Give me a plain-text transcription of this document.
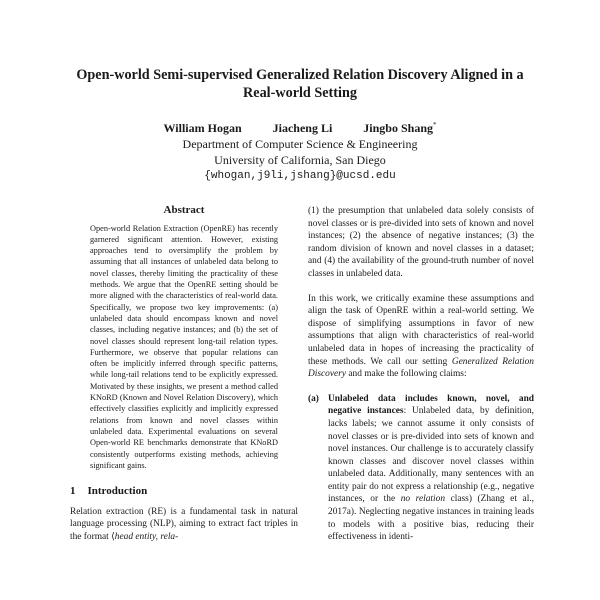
Open-world Semi-supervised Generalized Relation Discovery Aligned in a
Real-world Setting
William Hogan	Jiacheng Li	Jingbo Shang*
Department of Computer Science & Engineering
University of California, San Diego
{whogan,j9li,jshang}@ucsd.edu
Abstract

Open-world Relation Extraction (OpenRE) has recently garnered significant attention. However, existing approaches tend to oversimplify the problem by assuming that all instances of unlabeled data belong to novel classes, thereby limiting the practicality of these methods. We argue that the OpenRE setting should be more aligned with the characteristics of real-world data. Specifically, we propose two key improvements: (a) unlabeled data should encompass known and novel classes, including negative instances; and (b) the set of novel classes should represent long-tail relation types. Furthermore, we observe that popular relations can often be implicitly inferred through specific patterns, while long-tail relations tend to be explicitly expressed. Motivated by these insights, we present a method called KNoRD (Known and Novel Relation Discovery), which effectively classifies explicitly and implicitly expressed relations from known and novel classes within unlabeled data. Experimental evaluations on several Open-world RE benchmarks demonstrate that KNoRD consistently outperforms existing methods, achieving significant gains.

1 Introduction

Relation extraction (RE) is a fundamental task in natural language processing (NLP), aiming to extract fact triples in the format ⟨head entity, rela-

(1) the presumption that unlabeled data solely consists of novel classes or is pre-divided into sets of known and novel instances; (2) the absence of negative instances; (3) the random division of known and novel classes in a dataset; and (4) the availability of the ground-truth number of novel classes in unlabeled data.

In this work, we critically examine these assumptions and align the task of OpenRE within a real-world setting. We dispose of simplifying assumptions in favor of new assumptions that align with characteristics of real-world unlabeled data in hopes of increasing the practicality of these methods. We call our setting Generalized Relation Discovery and make the following claims:

(a) Unlabeled data includes known, novel, and negative instances: Unlabeled data, by definition, lacks labels; we cannot assume it only consists of novel classes or is pre-divided into sets of known and novel instances. Our challenge is to accurately classify known classes and discover novel classes within unlabeled data. Additionally, many sentences with an entity pair do not express a relationship (e.g., negative instances, or the no relation class) (Zhang et al., 2017a). Neglecting negative instances in training leads to models with a positive bias, reducing their effectiveness in identi-
